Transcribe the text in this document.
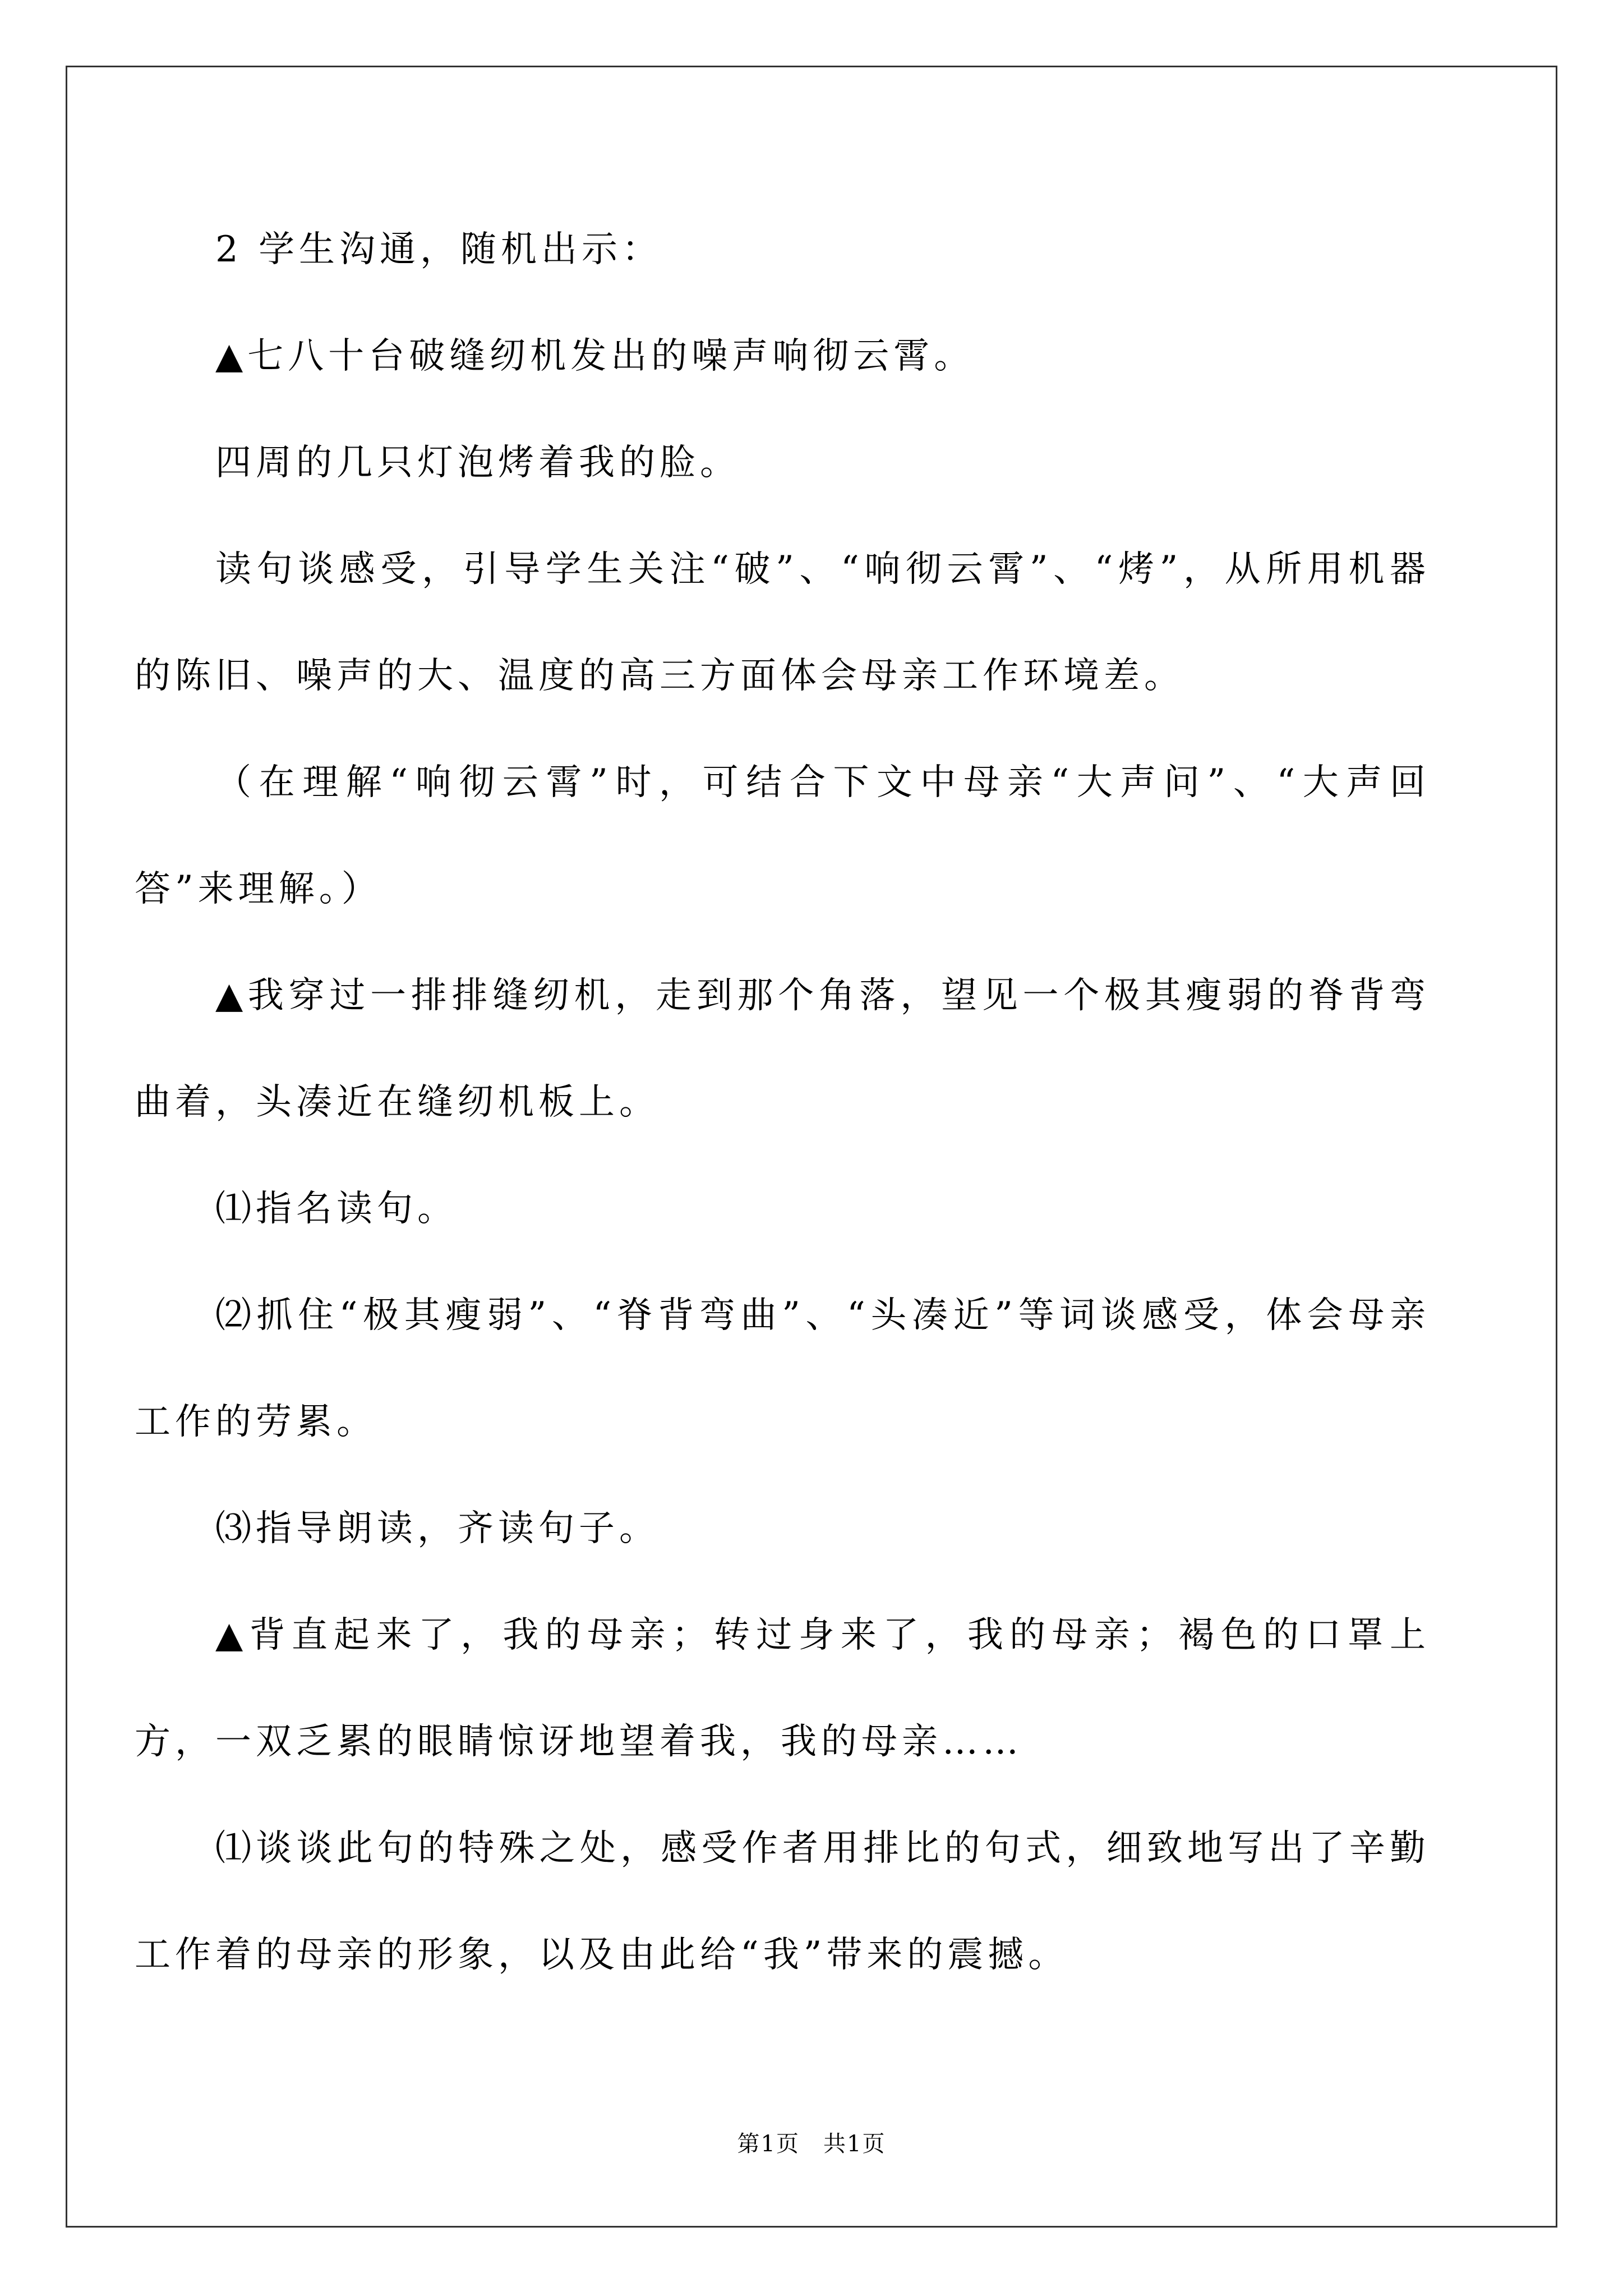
2 学生沟通，随机出示：
▲七八十台破缝纫机发出的噪声响彻云霄。
四周的几只灯泡烤着我的脸。
读句谈感受，引导学生关注“破”、“响彻云霄”、“烤”，从所用机器的陈旧、噪声的大、温度的高三方面体会母亲工作环境差。
（在理解“响彻云霄”时，可结合下文中母亲“大声问”、“大声回答”来理解。）
▲我穿过一排排缝纫机，走到那个角落，望见一个极其瘦弱的脊背弯曲着，头凑近在缝纫机板上。
⑴指名读句。
⑵抓住“极其瘦弱”、“脊背弯曲”、“头凑近”等词谈感受，体会母亲工作的劳累。
⑶指导朗读，齐读句子。
▲背直起来了，我的母亲；转过身来了，我的母亲；褐色的口罩上方，一双乏累的眼睛惊讶地望着我，我的母亲……
⑴谈谈此句的特殊之处，感受作者用排比的句式，细致地写出了辛勤工作着的母亲的形象，以及由此给“我”带来的震撼。
第1页　共1页
